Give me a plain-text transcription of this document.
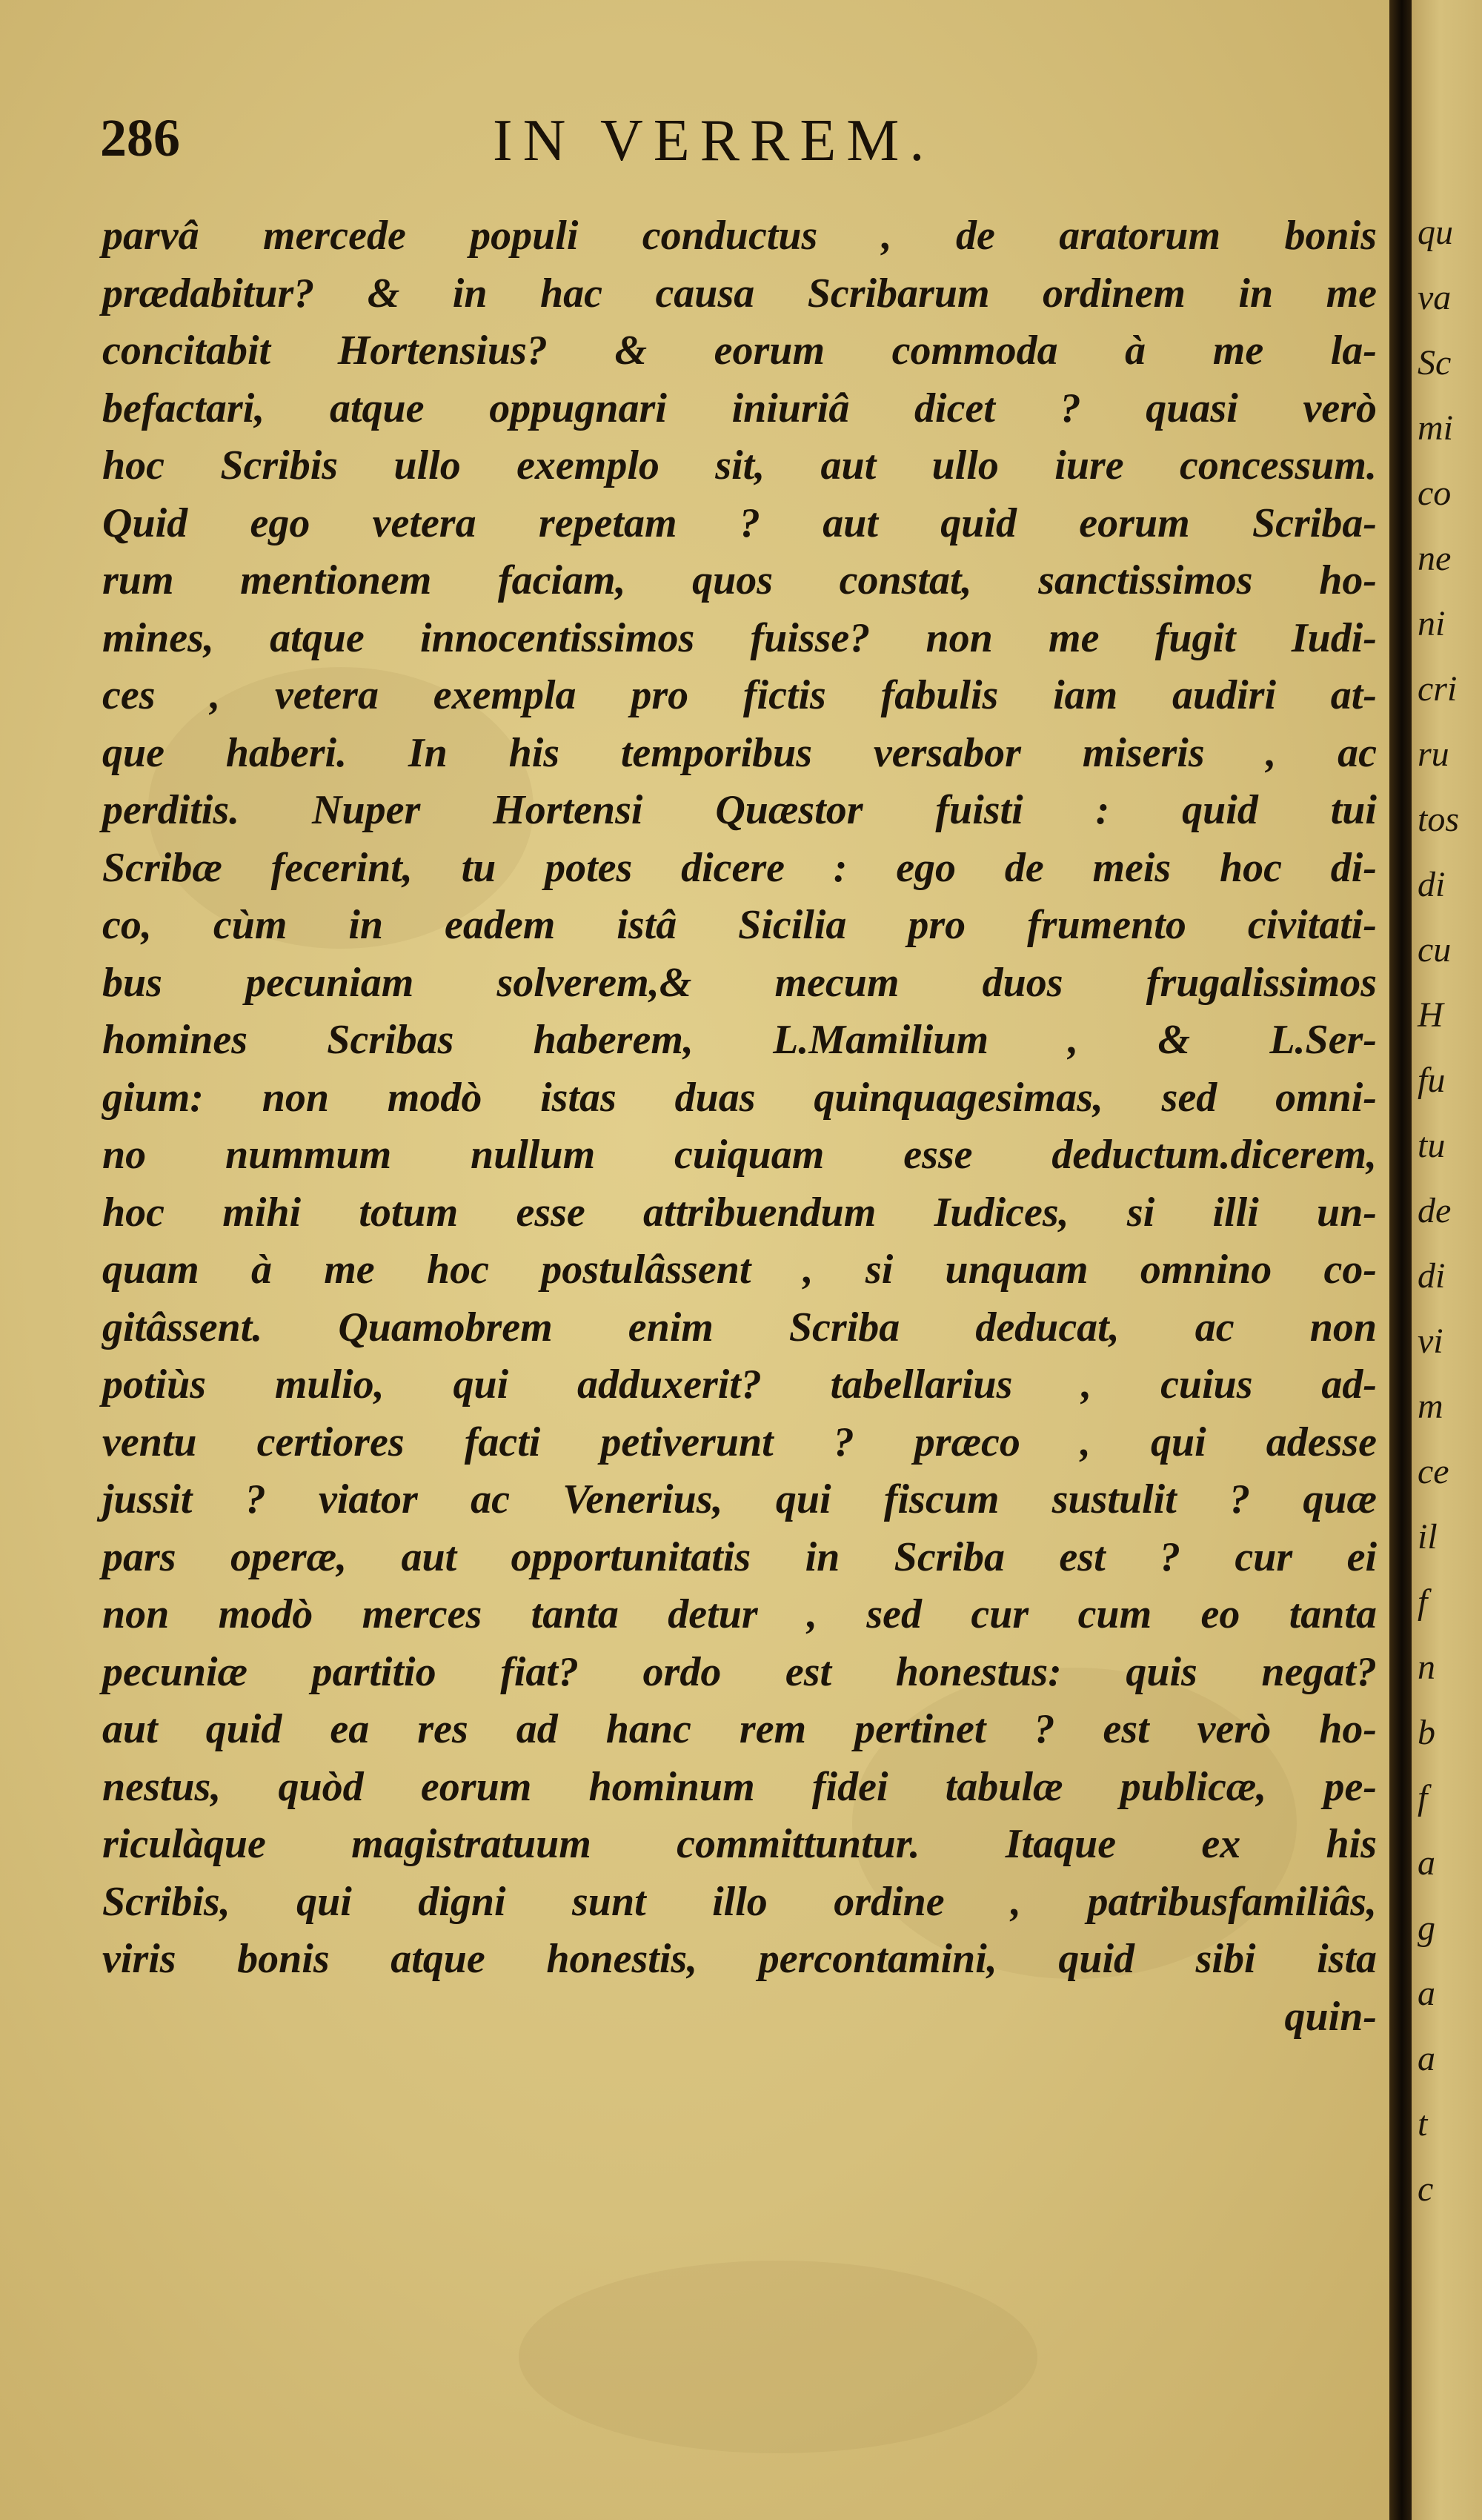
286	IN VERREM.
parvâ mercede populi conductus , de aratorum bonis
prædabitur? & in hac causa Scribarum ordinem in me
concitabit Hortensius? & eorum commoda à me la-
befactari, atque oppugnari iniuriâ dicet ? quasi verò
hoc Scribis ullo exemplo sit, aut ullo iure concessum.
Quid ego vetera repetam ? aut quid eorum Scriba-
rum mentionem faciam, quos constat, sanctissimos ho-
mines, atque innocentissimos fuisse? non me fugit Iudi-
ces , vetera exempla pro fictis fabulis iam audiri at-
que haberi. In his temporibus versabor miseris , ac
perditis. Nuper Hortensi Quæstor fuisti : quid tui
Scribæ fecerint, tu potes dicere : ego de meis hoc di-
co, cùm in eadem istâ Sicilia pro frumento civitati-
bus pecuniam solverem,& mecum duos frugalissimos
homines Scribas haberem, L.Mamilium , & L.Ser-
gium: non modò istas duas quinquagesimas, sed omni-
no nummum nullum cuiquam esse deductum.dicerem,
hoc mihi totum esse attribuendum Iudices, si illi un-
quam à me hoc postulâssent , si unquam omnino co-
gitâssent. Quamobrem enim Scriba deducat, ac non
potiùs mulio, qui adduxerit? tabellarius , cuius ad-
ventu certiores facti petiverunt ? præco , qui adesse
jussit ? viator ac Venerius, qui fiscum sustulit ? quæ
pars operæ, aut opportunitatis in Scriba est ? cur ei
non modò merces tanta detur , sed cur cum eo tanta
pecuniæ partitio fiat? ordo est honestus: quis negat?
aut quid ea res ad hanc rem pertinet ? est verò ho-
nestus, quòd eorum hominum fidei tabulæ publicæ, pe-
riculàque magistratuum committuntur. Itaque ex his
Scribis, qui digni sunt illo ordine , patribusfamiliâs,
viris bonis atque honestis, percontamini, quid sibi ista
quin-
qu
va
Sc
mi
co
ne
ni
cri
ru
tos
di
cu
H
fu
tu
de
di
vi
m
ce
il
f
n
b
f
a
g
a
a
t
c
